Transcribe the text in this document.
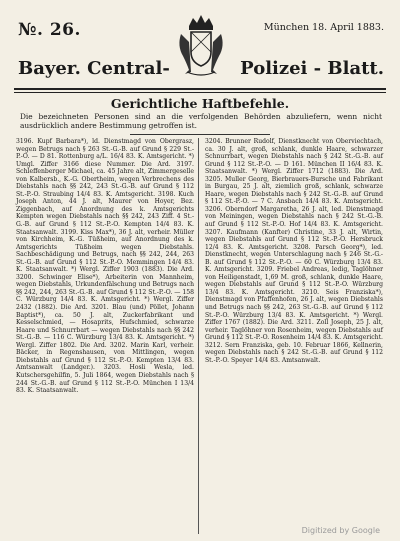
№. 26.	München 18. April 1883.
Bayer. Central-	Polizei - Blatt.
Gerichtliche Haftbefehle.
Die bezeichneten Personen sind an die verfolgenden Behörden abzuliefern, wenn nicht ausdrücklich andere Bestimmung getroffen ist.

3196. Kupf Barbara*), ld. Dienstmagd von Obergrasz, wegen Betrugs nach § 263 St.-G.-B. auf Grund § 229 St.-P.-O. — D 81. Rottenburg a/L. 16/4 83. K. Amtsgericht. *) Umgl. Ziffer 3166 diese Nummer. Die Ard. 3197. Schleffenberger Michael, ca. 45 Jahre alt, Zimmergeselle von Kalbersb., K.-G. Obertheim, wegen Verbrechens des Diebstahls nach §§ 242, 243 St.-G.-B. auf Grund § 112 St.-P.-O. Straubing 14/4 83. K. Amtsgericht. 3198. Kuch Joseph Anton, 44 J. alt, Maurer von Hoyer, Bez. Ziggenbach, auf Anordnung des k. Amtsgerichts Kempten wegen Diebstahls nach §§ 242, 243 Ziff. 4 St.-G.-B. auf Grund § 112 St.-P.-O. Kempten 14/4 83. K. Staatsanwalt. 3199. Kiss Max*), 36 J. alt, verheir. Müller von Kirchheim, K.-G. Tüßheim, auf Anordnung des k. Amtsgerichts Tüßheim wegen Diebstahls. Sachbeschädigung und Betrugs, nach §§ 242, 244, 263 St.-G.-B. auf Grund § 112 St.-P.-O. Memmingen 14/4 83. K. Staatsanwalt. *) Wergl. Ziffer 1903 (1883). Die Ard. 3200. Schwinger Elise*), Arbeiterin von Mannheim, wegen Diebstahls, Urkundenfälschung und Betrugs nach §§ 242, 244, 263 St.-G.-B. auf Grund § 112 St.-P.-O. — 158 C. Würzburg 14/4 83. K. Amtsgericht. *) Wergl. Ziffer 2432 (1882). Die Ard. 3201. Blau (und) Pöllet, Johann Baptist*), ca. 50 J. alt, Zuckerfabrikant und Kesselschmied, — Hosaprits, Hufschmied, schwarze Haare und Schnurrbart — wegen Diebstahls nach §§ 242 St.-G.-B. — 116 C. Würzburg 13/4 83. K. Amtsgericht. *) Wergl. Ziffer 1802. Die Ard. 3202. Marin Karl, verheir. Bäcker, in Regenshausen, von Mittlingen, wegen Diebstahls auf Grund § 112 St.-P.-O. Kempten 13/4 83. Amtsanwalt (Landger.). 3203. Hosli Wesla, led. Kutschersgehilfin, 5. Juli 1864, wegen Diebstahls nach § 244 St.-G.-B. auf Grund § 112 St.-P.-O. München I 13/4 83. K. Staatsanwalt.

3204. Brunner Rudolf, Dienstknecht von Oberviechtach, ca. 30 J. alt, groß, schlank, dunkle Haare, schwarzer Schnurrbart, wegen Diebstahls nach § 242 St.-G.-B. auf Grund § 112 St.-P.-O. — D 161. München II 16/4 83. K. Staatsanwalt. *) Wergl. Ziffer 1712 (1883). Die Ard. 3205. Muller Georg, Bierbrauers-Bursche und Fabrikant in Burgau, 25 J. alt, ziemlich groß, schlank, schwarze Haare, wegen Diebstahls nach § 242 St.-G.-B. auf Grund § 112 St.-P.-O. — 7 C. Ansbach 14/4 83. K. Amtsgericht. 3206. Oberndorf Margaretha, 26 J. alt, led. Dienstmagd von Meiningen, wegen Diebstahls nach § 242 St.-G.-B. auf Grund § 112 St.-P.-O. Hof 14/4 83. K. Amtsgericht. 3207. Kaufmann (Kanfter) Christine, 33 J. alt, Wirtin, wegen Diebstahls auf Grund § 112 St.-P.-O. Hersbruck 12/4 83. K. Amtsgericht. 3208. Parsch Georg*), led. Dienstknecht, wegen Unterschlagung nach § 246 St.-G.-B. auf Grund § 112 St.-P.-O. — 60 C. Würzburg 13/4 83. K. Amtsgericht. 3209. Friebel Andreas, ledig, Taglöhner von Heiligenstadt, 1,69 M. groß, schlank, dunkle Haare, wegen Diebstahls auf Grund § 112 St.-P.-O. Würzburg 13/4 83. K. Amtsgericht. 3210. Seis Franziska*), Dienstmagd von Pfaffenhofen, 26 J. alt, wegen Diebstahls und Betrugs nach §§ 242, 263 St.-G.-B. auf Grund § 112 St.-P.-O. Würzburg 13/4 83. K. Amtsgericht. *) Wergl. Ziffer 1767 (1882). Die Ard. 3211. Zoll Joseph, 25 J. alt, verheir. Taglöhner von Rosenheim, wegen Diebstahls auf Grund § 112 St.-P.-O. Rosenheim 14/4 83. K. Amtsgericht. 3212. Sern Franziska, geb. 10. Februar 1866, Kellnerin, wegen Diebstahls nach § 242 St.-G.-B. auf Grund § 112 St.-P.-O. Speyer 14/4 83. Amtsanwalt.

Digitized by Google
